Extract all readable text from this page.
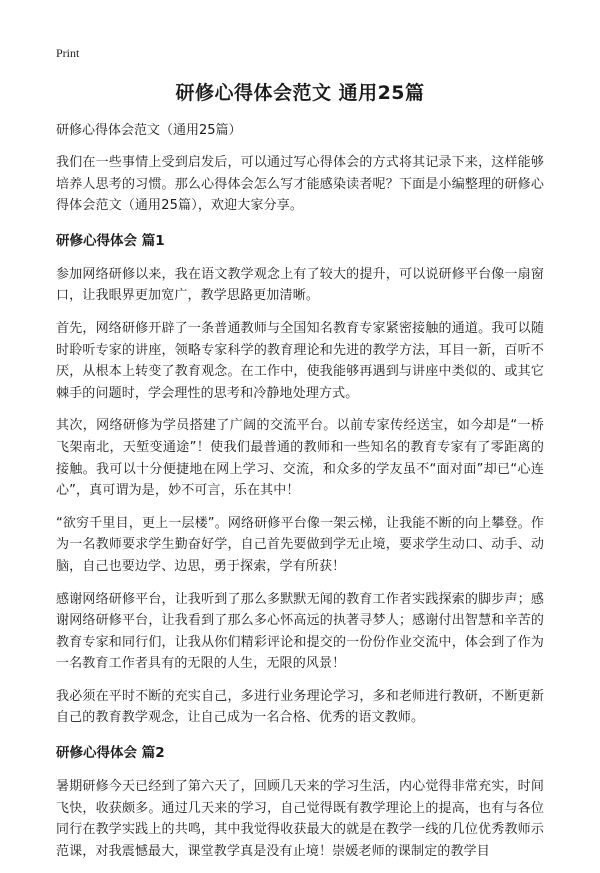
Print
研修心得体会范文 通用25篇
研修心得体会范文（通用25篇）

我们在一些事情上受到启发后，可以通过写心得体会的方式将其记录下来，这样能够培养人思考的习惯。那么心得体会怎么写才能感染读者呢？下面是小编整理的研修心得体会范文（通用25篇），欢迎大家分享。

研修心得体会 篇1

参加网络研修以来，我在语文教学观念上有了较大的提升，可以说研修平台像一扇窗口，让我眼界更加宽广，教学思路更加清晰。

首先，网络研修开辟了一条普通教师与全国知名教育专家紧密接触的通道。我可以随时聆听专家的讲座，领略专家科学的教育理论和先进的教学方法，耳目一新，百听不厌，从根本上转变了教育观念。在工作中，使我能够再遇到与讲座中类似的、或其它棘手的问题时，学会理性的思考和冷静地处理方式。

其次，网络研修为学员搭建了广阔的交流平台。以前专家传经送宝，如今却是“一桥飞架南北，天堑变通途”！使我们最普通的教师和一些知名的教育专家有了零距离的接触。我可以十分便捷地在网上学习、交流，和众多的学友虽不“面对面”却已“心连心”，真可谓为是，妙不可言，乐在其中！

“欲穷千里目，更上一层楼”。网络研修平台像一架云梯，让我能不断的向上攀登。作为一名教师要求学生勤奋好学，自己首先要做到学无止境，要求学生动口、动手、动脑，自己也要边学、边思，勇于探索，学有所获！

感谢网络研修平台，让我听到了那么多默默无闻的教育工作者实践探索的脚步声；感谢网络研修平台，让我看到了那么多心怀高远的执著寻梦人；感谢付出智慧和辛苦的教育专家和同行们，让我从你们精彩评论和提交的一份份作业交流中，体会到了作为一名教育工作者具有的无限的人生，无限的风景！

我必须在平时不断的充实自己，多进行业务理论学习，多和老师进行教研，不断更新自己的教育教学观念，让自己成为一名合格、优秀的语文教师。

研修心得体会 篇2

暑期研修今天已经到了第六天了，回顾几天来的学习生活，内心觉得非常充实，时间飞快，收获颇多。通过几天来的学习，自己觉得既有教学理论上的提高，也有与各位同行在教学实践上的共鸣，其中我觉得收获最大的就是在教学一线的几位优秀教师示范课，对我震憾最大，课堂教学真是没有止境！崇媛老师的课制定的教学目
